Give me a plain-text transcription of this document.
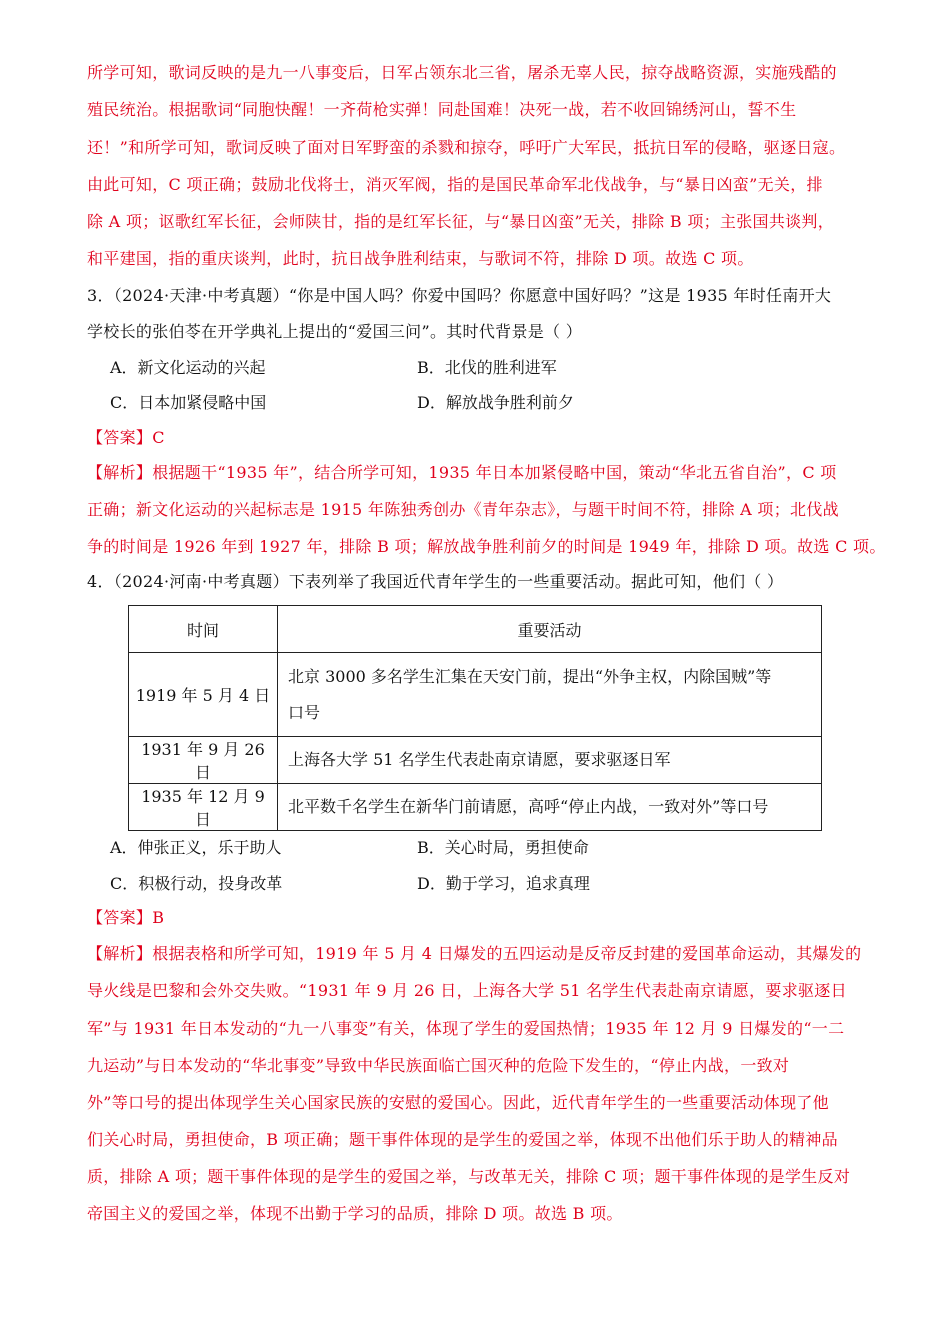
所学可知，歌词反映的是九一八事变后，日军占领东北三省，屠杀无辜人民，掠夺战略资源，实施残酷的
殖民统治。根据歌词“同胞快醒！一齐荷枪实弹！同赴国难！决死一战，若不收回锦绣河山，誓不生
还！”和所学可知，歌词反映了面对日军野蛮的杀戮和掠夺，呼吁广大军民，抵抗日军的侵略，驱逐日寇。
由此可知，C 项正确；鼓励北伐将士，消灭军阀，指的是国民革命军北伐战争，与“暴日凶蛮”无关，排
除 A 项；讴歌红军长征，会师陕甘，指的是红军长征，与“暴日凶蛮”无关，排除 B 项；主张国共谈判，
和平建国，指的重庆谈判，此时，抗日战争胜利结束，与歌词不符，排除 D 项。故选 C 项。
3．（2024·天津·中考真题）“你是中国人吗？你爱中国吗？你愿意中国好吗？”这是 1935 年时任南开大
学校长的张伯苓在开学典礼上提出的“爱国三问”。其时代背景是（ ）
A．新文化运动的兴起	B．北伐的胜利进军
C．日本加紧侵略中国	D．解放战争胜利前夕
【答案】C
【解析】根据题干“1935 年”，结合所学可知，1935 年日本加紧侵略中国，策动“华北五省自治”，C 项
正确；新文化运动的兴起标志是 1915 年陈独秀创办《青年杂志》，与题干时间不符，排除 A 项；北伐战
争的时间是 1926 年到 1927 年，排除 B 项；解放战争胜利前夕的时间是 1949 年，排除 D 项。故选 C 项。
4．（2024·河南·中考真题）下表列举了我国近代青年学生的一些重要活动。据此可知，他们（ ）
时间	重要活动
1919 年 5 月 4 日	北京 3000 多名学生汇集在天安门前，提出“外争主权，内除国贼”等
口号

1931 年 9 月 26 日	上海各大学 51 名学生代表赴南京请愿，要求驱逐日军

1935 年 12 月 9 日	北平数千名学生在新华门前请愿，高呼“停止内战，一致对外”等口号
A．伸张正义，乐于助人	B．关心时局，勇担使命
C．积极行动，投身改革	D．勤于学习，追求真理
【答案】B
【解析】根据表格和所学可知，1919 年 5 月 4 日爆发的五四运动是反帝反封建的爱国革命运动，其爆发的
导火线是巴黎和会外交失败。“1931 年 9 月 26 日，上海各大学 51 名学生代表赴南京请愿，要求驱逐日
军”与 1931 年日本发动的“九一八事变”有关，体现了学生的爱国热情；1935 年 12 月 9 日爆发的“一二
九运动”与日本发动的“华北事变”导致中华民族面临亡国灭种的危险下发生的，“停止内战，一致对
外”等口号的提出体现学生关心国家民族的安慰的爱国心。因此，近代青年学生的一些重要活动体现了他
们关心时局，勇担使命，B 项正确；题干事件体现的是学生的爱国之举，体现不出他们乐于助人的精神品
质，排除 A 项；题干事件体现的是学生的爱国之举，与改革无关，排除 C 项；题干事件体现的是学生反对
帝国主义的爱国之举，体现不出勤于学习的品质，排除 D 项。故选 B 项。
